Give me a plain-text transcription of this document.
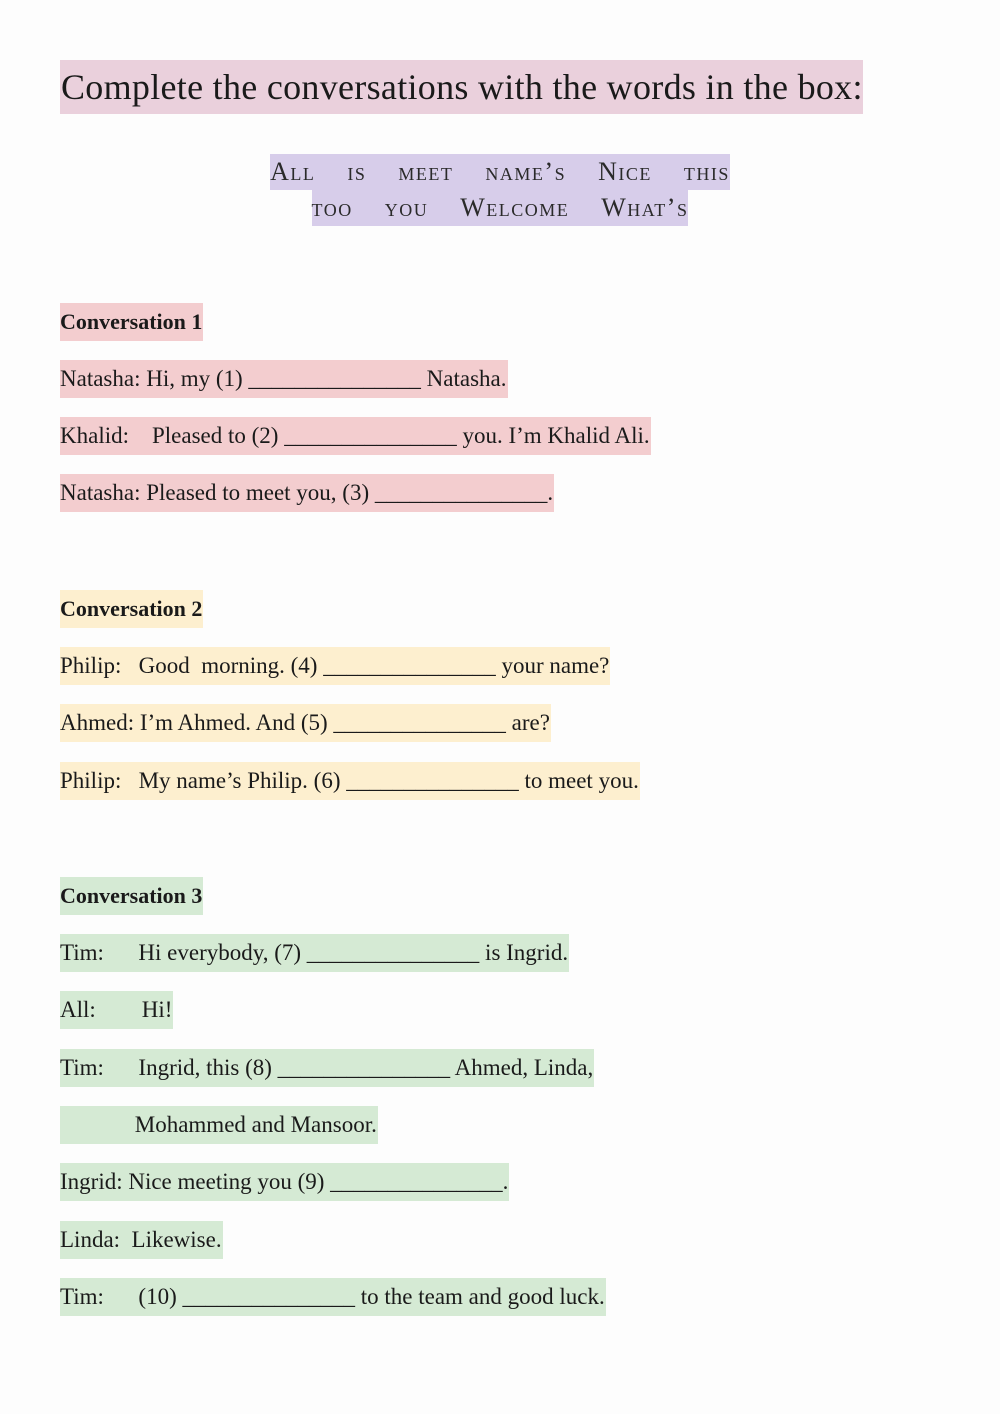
Complete the conversations with the words in the box:
All is meet name’s Nice this
too you Welcome What’s
Conversation 1
Natasha: Hi, my (1) _______________ Natasha.
Khalid:    Pleased to (2) _______________ you. I’m Khalid Ali.
Natasha: Pleased to meet you, (3) _______________.
Conversation 2
Philip:   Good  morning. (4) _______________ your name?
Ahmed: I’m Ahmed. And (5) _______________ are?
Philip:   My name’s Philip. (6) _______________ to meet you.
Conversation 3
Tim:      Hi everybody, (7) _______________ is Ingrid.
All:        Hi!
Tim:      Ingrid, this (8) _______________ Ahmed, Linda,
Mohammed and Mansoor.
Ingrid: Nice meeting you (9) _______________.
Linda:  Likewise.
Tim:      (10) _______________ to the team and good luck.
